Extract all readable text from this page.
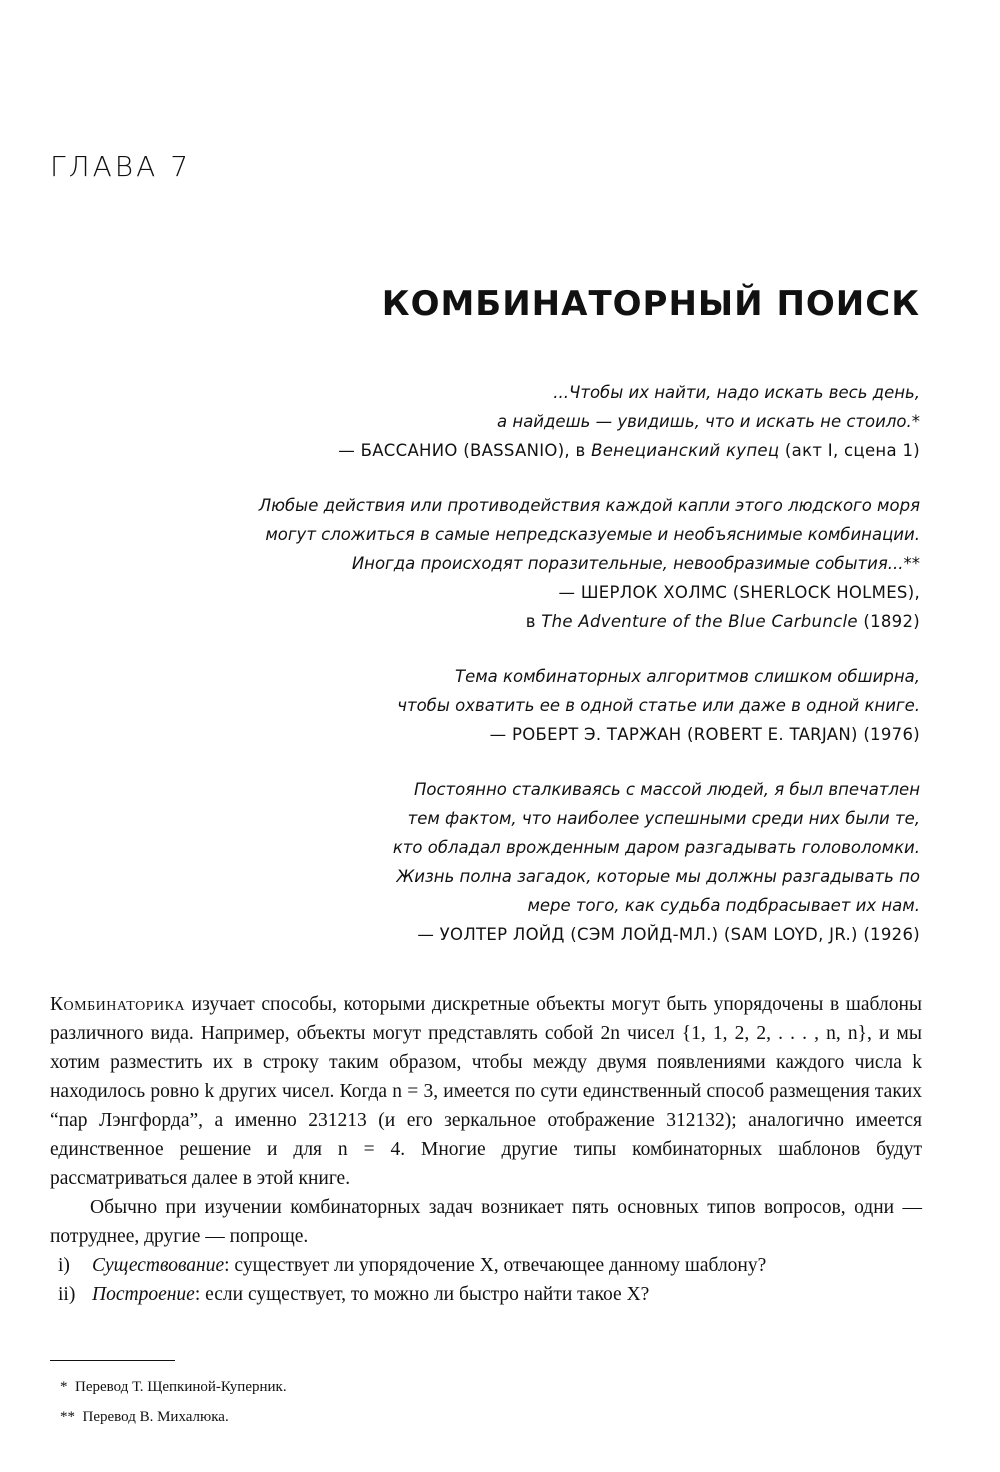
ГЛАВА 7
КОМБИНАТОРНЫЙ ПОИСК
...Чтобы их найти, надо искать весь день,
а найдешь — увидишь, что и искать не стоило.*
— БАССАНИО (BASSANIO), в Венецианский купец (акт I, сцена 1)
Любые действия или противодействия каждой капли этого людского моря
могут сложиться в самые непредсказуемые и необъяснимые комбинации.
Иногда происходят поразительные, невообразимые события...**
— ШЕРЛОК ХОЛМС (SHERLOCK HOLMES),
в The Adventure of the Blue Carbuncle (1892)
Тема комбинаторных алгоритмов слишком обширна,
чтобы охватить ее в одной статье или даже в одной книге.
— РОБЕРТ Э. ТАРЖАН (ROBERT E. TARJAN) (1976)
Постоянно сталкиваясь с массой людей, я был впечатлен
тем фактом, что наиболее успешными среди них были те,
кто обладал врожденным даром разгадывать головоломки.
Жизнь полна загадок, которые мы должны разгадывать по
мере того, как судьба подбрасывает их нам.
— УОЛТЕР ЛОЙД (СЭМ ЛОЙД-МЛ.) (SAM LOYD, JR.) (1926)

Комбинаторика изучает способы, которыми дискретные объекты могут быть упорядочены в шаблоны различного вида. Например, объекты могут представлять собой 2n чисел {1, 1, 2, 2, . . . , n, n}, и мы хотим разместить их в строку таким образом, чтобы между двумя появлениями каждого числа k находилось ровно k других чисел. Когда n = 3, имеется по сути единственный способ размещения таких “пар Лэнгфорда”, а именно 231213 (и его зеркальное отображение 312132); аналогично имеется единственное решение и для n = 4. Многие другие типы комбинаторных шаблонов будут рассматриваться далее в этой книге.

Обычно при изучении комбинаторных задач возникает пять основных типов вопросов, одни — потруднее, другие — попроще.

i) Существование: существует ли упорядочение X, отвечающее данному шаблону?
ii) Построение: если существует, то можно ли быстро найти такое X?
* Перевод Т. Щепкиной-Куперник.
** Перевод В. Михалюка.
